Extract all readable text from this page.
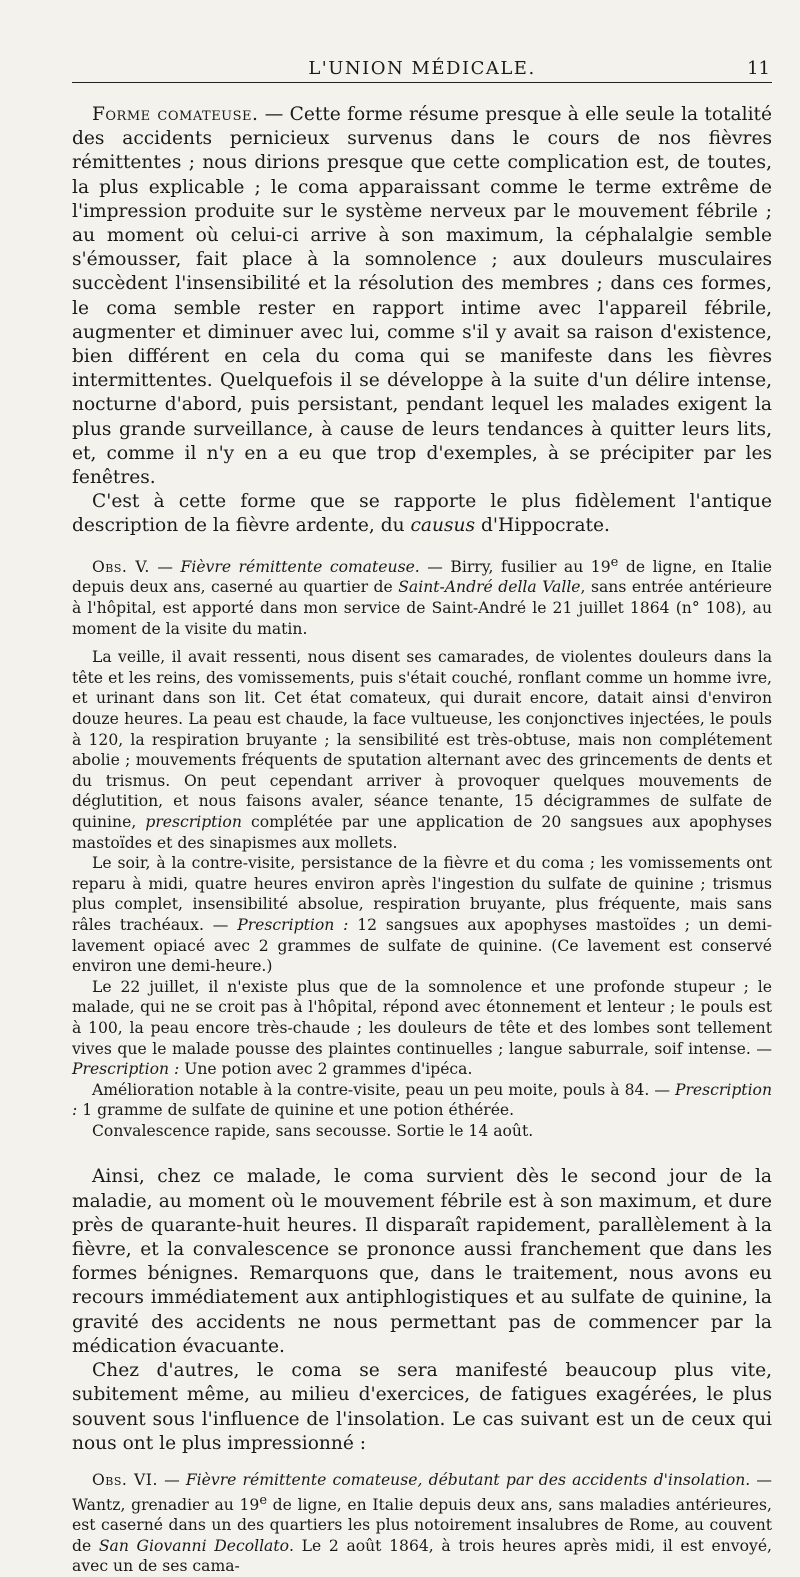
L'UNION MÉDICALE.	11

Forme comateuse. — Cette forme résume presque à elle seule la totalité des accidents pernicieux survenus dans le cours de nos fièvres rémittentes ; nous dirions presque que cette complication est, de toutes, la plus explicable ; le coma apparaissant comme le terme extrême de l'impression produite sur le système nerveux par le mouvement fébrile ; au moment où celui-ci arrive à son maximum, la céphalalgie semble s'émousser, fait place à la somnolence ; aux douleurs musculaires succèdent l'insensibilité et la résolution des membres ; dans ces formes, le coma semble rester en rapport intime avec l'appareil fébrile, augmenter et diminuer avec lui, comme s'il y avait sa raison d'existence, bien différent en cela du coma qui se manifeste dans les fièvres intermittentes. Quelquefois il se développe à la suite d'un délire intense, nocturne d'abord, puis persistant, pendant lequel les malades exigent la plus grande surveillance, à cause de leurs tendances à quitter leurs lits, et, comme il n'y en a eu que trop d'exemples, à se précipiter par les fenêtres.

C'est à cette forme que se rapporte le plus fidèlement l'antique description de la fièvre ardente, du causus d'Hippocrate.

Obs. V. — Fièvre rémittente comateuse. — Birry, fusilier au 19e de ligne, en Italie depuis deux ans, caserné au quartier de Saint-André della Valle, sans entrée antérieure à l'hôpital, est apporté dans mon service de Saint-André le 21 juillet 1864 (n° 108), au moment de la visite du matin.

La veille, il avait ressenti, nous disent ses camarades, de violentes douleurs dans la tête et les reins, des vomissements, puis s'était couché, ronflant comme un homme ivre, et urinant dans son lit. Cet état comateux, qui durait encore, datait ainsi d'environ douze heures. La peau est chaude, la face vultueuse, les conjonctives injectées, le pouls à 120, la respiration bruyante ; la sensibilité est très-obtuse, mais non complétement abolie ; mouvements fréquents de sputation alternant avec des grincements de dents et du trismus. On peut cependant arriver à provoquer quelques mouvements de déglutition, et nous faisons avaler, séance tenante, 15 décigrammes de sulfate de quinine, prescription complétée par une application de 20 sangsues aux apophyses mastoïdes et des sinapismes aux mollets.

Le soir, à la contre-visite, persistance de la fièvre et du coma ; les vomissements ont reparu à midi, quatre heures environ après l'ingestion du sulfate de quinine ; trismus plus complet, insensibilité absolue, respiration bruyante, plus fréquente, mais sans râles trachéaux. — Prescription : 12 sangsues aux apophyses mastoïdes ; un demi-lavement opiacé avec 2 grammes de sulfate de quinine. (Ce lavement est conservé environ une demi-heure.)

Le 22 juillet, il n'existe plus que de la somnolence et une profonde stupeur ; le malade, qui ne se croit pas à l'hôpital, répond avec étonnement et lenteur ; le pouls est à 100, la peau encore très-chaude ; les douleurs de tête et des lombes sont tellement vives que le malade pousse des plaintes continuelles ; langue saburrale, soif intense. — Prescription : Une potion avec 2 grammes d'ipéca.

Amélioration notable à la contre-visite, peau un peu moite, pouls à 84. — Prescription : 1 gramme de sulfate de quinine et une potion éthérée.

Convalescence rapide, sans secousse. Sortie le 14 août.

Ainsi, chez ce malade, le coma survient dès le second jour de la maladie, au moment où le mouvement fébrile est à son maximum, et dure près de quarante-huit heures. Il disparaît rapidement, parallèlement à la fièvre, et la convalescence se prononce aussi franchement que dans les formes bénignes. Remarquons que, dans le traitement, nous avons eu recours immédiatement aux antiphlogistiques et au sulfate de quinine, la gravité des accidents ne nous permettant pas de commencer par la médication évacuante.

Chez d'autres, le coma se sera manifesté beaucoup plus vite, subitement même, au milieu d'exercices, de fatigues exagérées, le plus souvent sous l'influence de l'insolation. Le cas suivant est un de ceux qui nous ont le plus impressionné :

Obs. VI. — Fièvre rémittente comateuse, débutant par des accidents d'insolation. — Wantz, grenadier au 19e de ligne, en Italie depuis deux ans, sans maladies antérieures, est caserné dans un des quartiers les plus notoirement insalubres de Rome, au couvent de San Giovanni Decollato. Le 2 août 1864, à trois heures après midi, il est envoyé, avec un de ses cama-
